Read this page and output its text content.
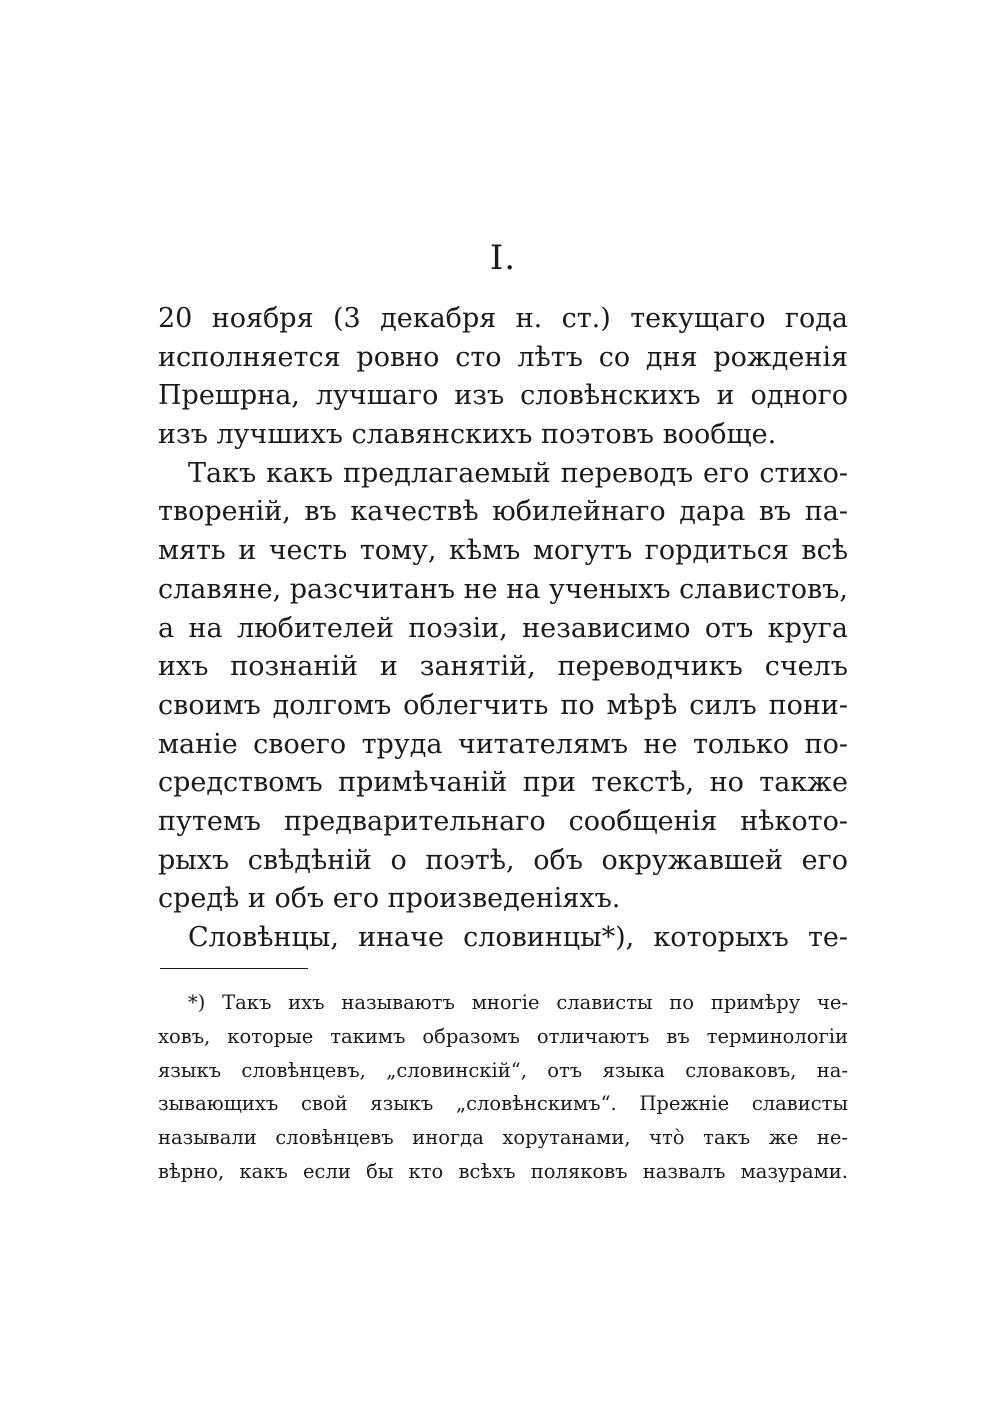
I.
20 ноября (3 декабря н. ст.) текущаго года
исполняется ровно сто лѣтъ со дня рожденія
Прешрна, лучшаго изъ словѣнскихъ и одного
изъ лучшихъ славянскихъ поэтовъ вообще.
Такъ какъ предлагаемый переводъ его стихо-
твореній, въ качествѣ юбилейнаго дара въ па-
мять и честь тому, кѣмъ могутъ гордиться всѣ
славяне, разсчитанъ не на ученыхъ славистовъ,
а на любителей поэзіи, независимо отъ круга
ихъ познаній и занятій, переводчикъ счелъ
своимъ долгомъ облегчить по мѣрѣ силъ пони-
маніе своего труда читателямъ не только по-
средствомъ примѣчаній при текстѣ, но также
путемъ предварительнаго сообщенія нѣкото-
рыхъ свѣдѣній о поэтѣ, объ окружавшей его
средѣ и объ его произведеніяхъ.
Словѣнцы, иначе словинцы*), которыхъ те-
*) Такъ ихъ называютъ многіе слависты по примѣру че-
ховъ, которые такимъ образомъ отличаютъ въ терминологіи
языкъ словѣнцевъ, „словинскій“, отъ языка словаковъ, на-
зывающихъ свой языкъ „словѣнскимъ“. Прежніе слависты
называли словѣнцевъ иногда хорутанами, что̀ такъ же не-
вѣрно, какъ если бы кто всѣхъ поляковъ назвалъ мазурами.
